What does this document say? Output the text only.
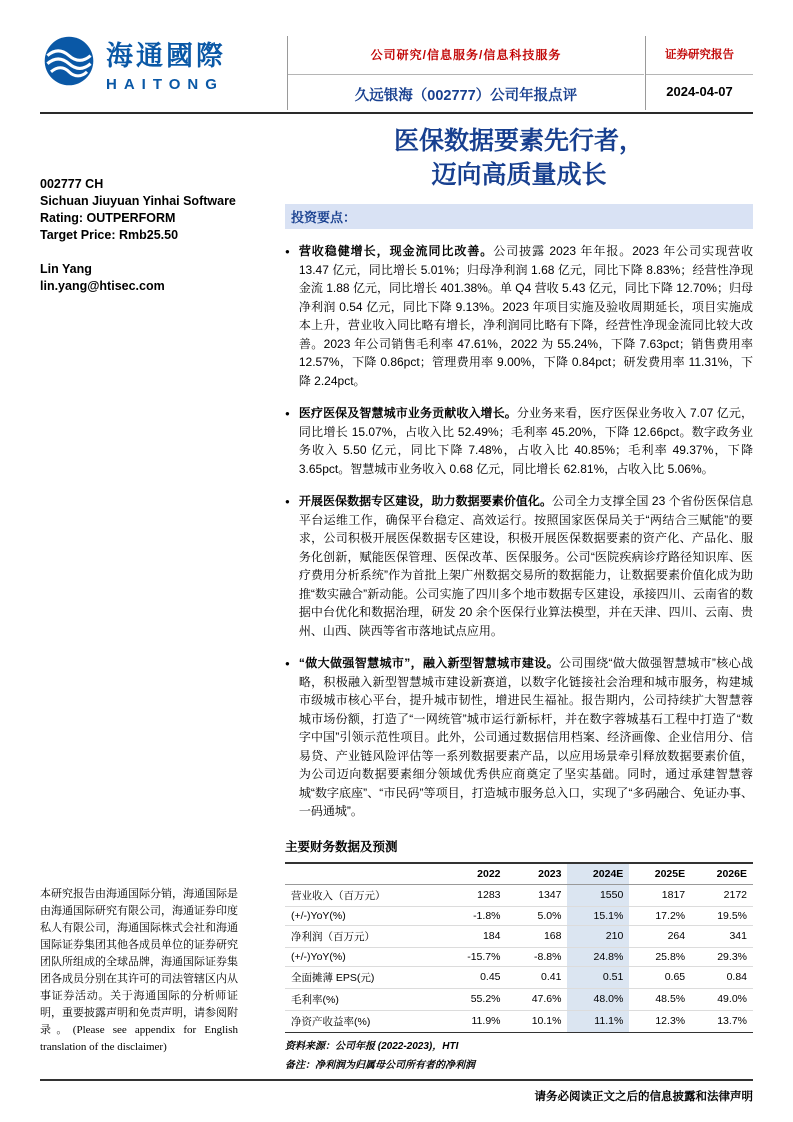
海通國際
HAITONG
公司研究/信息服务/信息科技服务
久远银海（002777）公司年报点评
证券研究报告
2024-04-07
医保数据要素先行者，
迈向高质量成长
002777 CH
Sichuan Jiuyuan Yinhai Software
Rating: OUTPERFORM
Target Price: Rmb25.50
Lin Yang
lin.yang@htisec.com
本研究报告由海通国际分销，海通国际是由海通国际研究有限公司，海通证券印度私人有限公司，海通国际株式会社和海通国际证券集团其他各成员单位的证券研究团队所组成的全球品牌，海通国际证券集团各成员分别在其许可的司法管辖区内从事证券活动。关于海通国际的分析师证明，重要披露声明和免责声明，请参阅附录。(Please see appendix for English translation of the disclaimer)
投资要点：
● 营收稳健增长，现金流同比改善。公司披露 2023 年年报。2023 年公司实现营收 13.47 亿元，同比增长 5.01%；归母净利润 1.68 亿元，同比下降 8.83%；经营性净现金流 1.88 亿元，同比增长 401.38%。单 Q4 营收 5.43 亿元，同比下降 12.70%；归母净利润 0.54 亿元，同比下降 9.13%。2023 年项目实施及验收周期延长，项目实施成本上升，营业收入同比略有增长，净利润同比略有下降，经营性净现金流同比较大改善。2023 年公司销售毛利率 47.61%，2022 为 55.24%，下降 7.63pct；销售费用率 12.57%，下降 0.86pct；管理费用率 9.00%，下降 0.84pct；研发费用率 11.31%，下降 2.24pct。
● 医疗医保及智慧城市业务贡献收入增长。分业务来看，医疗医保业务收入 7.07 亿元，同比增长 15.07%，占收入比 52.49%；毛利率 45.20%，下降 12.66pct。数字政务业务收入 5.50 亿元，同比下降 7.48%，占收入比 40.85%；毛利率 49.37%，下降 3.65pct。智慧城市业务收入 0.68 亿元，同比增长 62.81%，占收入比 5.06%。
● 开展医保数据专区建设，助力数据要素价值化。公司全力支撑全国 23 个省份医保信息平台运维工作，确保平台稳定、高效运行。按照国家医保局关于“两结合三赋能”的要求，公司积极开展医保数据专区建设，积极开展医保数据要素的资产化、产品化、服务化创新，赋能医保管理、医保改革、医保服务。公司“医院疾病诊疗路径知识库、医疗费用分析系统”作为首批上架广州数据交易所的数据能力，让数据要素价值化成为助推“数实融合”新动能。公司实施了四川多个地市数据专区建设，承接四川、云南省的数据中台优化和数据治理，研发 20 余个医保行业算法模型，并在天津、四川、云南、贵州、山西、陕西等省市落地试点应用。
● “做大做强智慧城市”，融入新型智慧城市建设。公司围绕“做大做强智慧城市”核心战略，积极融入新型智慧城市建设新赛道，以数字化链接社会治理和城市服务，构建城市级城市核心平台，提升城市韧性，增进民生福祉。报告期内，公司持续扩大智慧蓉城市场份额，打造了“一网统管”城市运行新标杆，并在数字蓉城基石工程中打造了“数字中国”引领示范性项目。此外，公司通过数据信用档案、经济画像、企业信用分、信易贷、产业链风险评估等一系列数据要素产品，以应用场景牵引释放数据要素价值，为公司迈向数据要素细分领域优秀供应商奠定了坚实基础。同时，通过承建智慧蓉城“数字底座”、“市民码”等项目，打造城市服务总入口，实现了“多码融合、免证办事、一码通城”。
主要财务数据及预测
	2022	2023	2024E	2025E	2026E
营业收入（百万元）	1283	1347	1550	1817	2172
(+/-)YoY(%)	-1.8%	5.0%	15.1%	17.2%	19.5%
净利润（百万元）	184	168	210	264	341
(+/-)YoY(%)	-15.7%	-8.8%	24.8%	25.8%	29.3%
全面摊薄 EPS(元)	0.45	0.41	0.51	0.65	0.84
毛利率(%)	55.2%	47.6%	48.0%	48.5%	49.0%
净资产收益率(%)	11.9%	10.1%	11.1%	12.3%	13.7%
资料来源：公司年报 (2022-2023)，HTI
备注：净利润为归属母公司所有者的净利润
请务必阅读正文之后的信息披露和法律声明
